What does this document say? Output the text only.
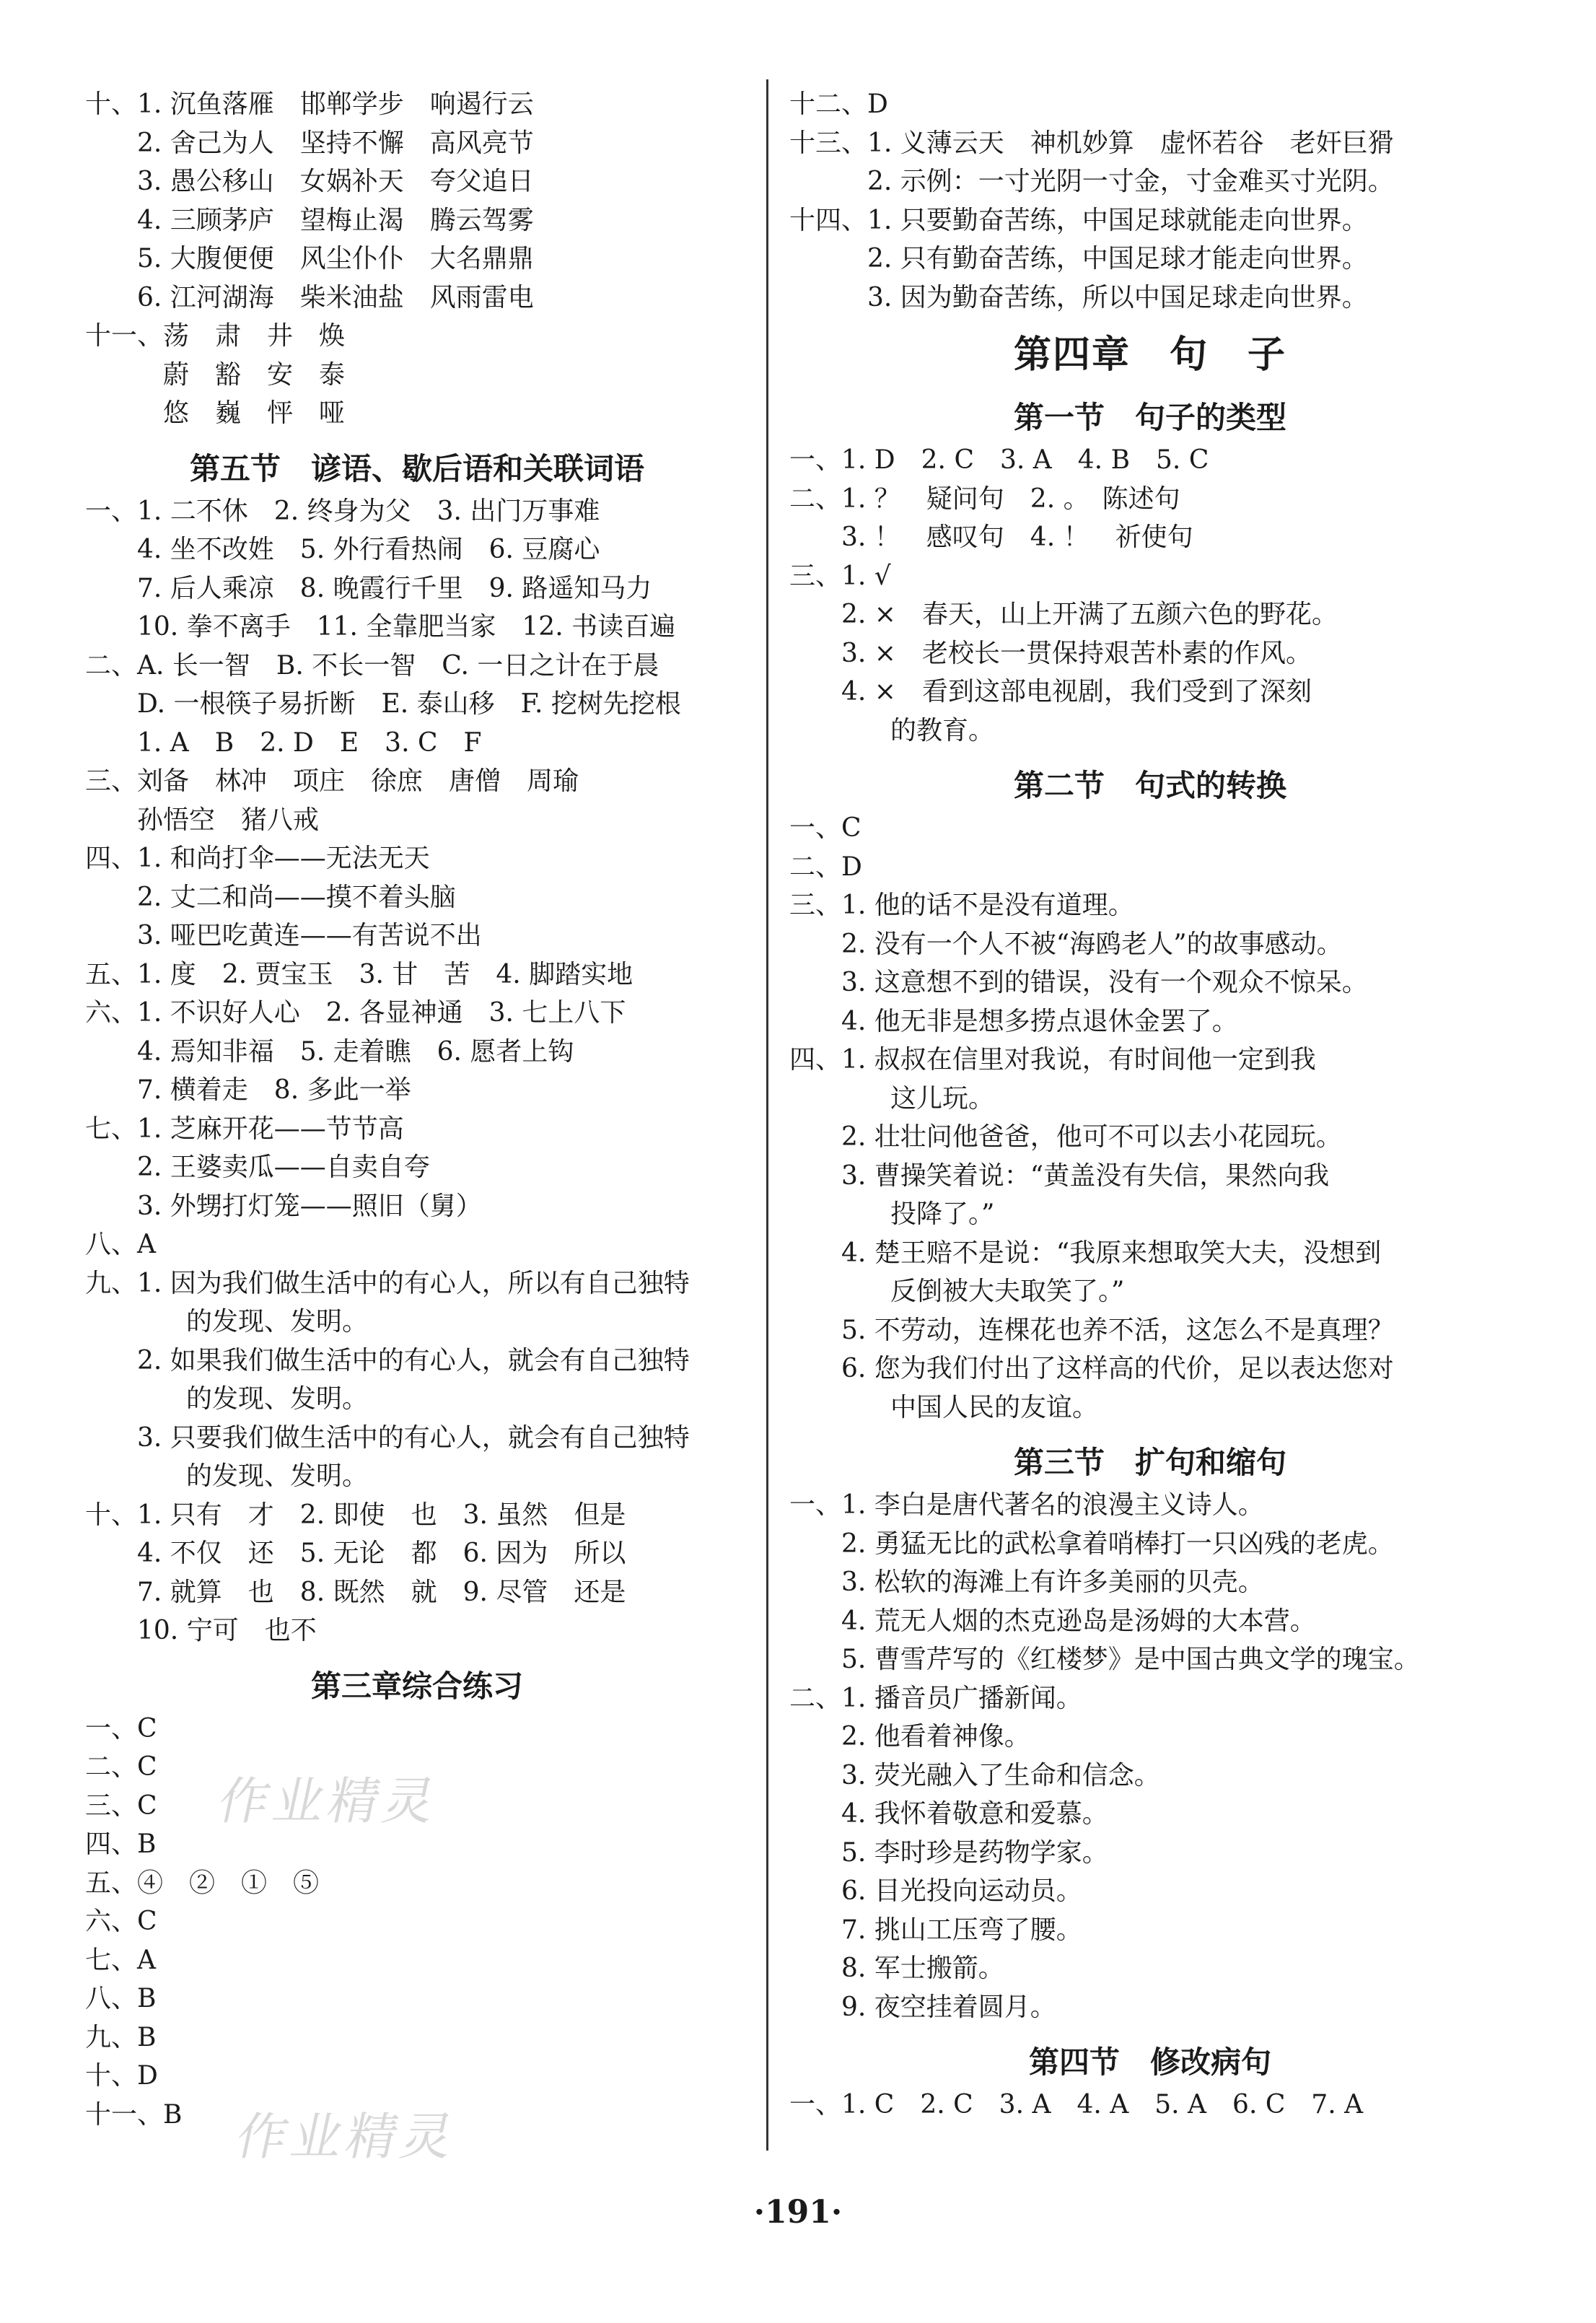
十、1. 沉鱼落雁　邯郸学步　响遏行云
　　2. 舍己为人　坚持不懈　高风亮节
　　3. 愚公移山　女娲补天　夸父追日
　　4. 三顾茅庐　望梅止渴　腾云驾雾
　　5. 大腹便便　风尘仆仆　大名鼎鼎
　　6. 江河湖海　柴米油盐　风雨雷电
十一、荡　肃　井　焕
　　　蔚　豁　安　泰
　　　悠　巍　怦　哑
第五节　谚语、歇后语和关联词语
一、1. 二不休　2. 终身为父　3. 出门万事难
　　4. 坐不改姓　5. 外行看热闹　6. 豆腐心
　　7. 后人乘凉　8. 晚霞行千里　9. 路遥知马力
　　10. 拳不离手　11. 全靠肥当家　12. 书读百遍
二、A. 长一智　B. 不长一智　C. 一日之计在于晨
　　D. 一根筷子易折断　E. 泰山移　F. 挖树先挖根
　　1. A　B　2. D　E　3. C　F
三、刘备　林冲　项庄　徐庶　唐僧　周瑜
　　孙悟空　猪八戒
四、1. 和尚打伞——无法无天
　　2. 丈二和尚——摸不着头脑
　　3. 哑巴吃黄连——有苦说不出
五、1. 度　2. 贾宝玉　3. 甘　苦　4. 脚踏实地
六、1. 不识好人心　2. 各显神通　3. 七上八下
　　4. 焉知非福　5. 走着瞧　6. 愿者上钩
　　7. 横着走　8. 多此一举
七、1. 芝麻开花——节节高
　　2. 王婆卖瓜——自卖自夸
　　3. 外甥打灯笼——照旧（舅）
八、A
九、1. 因为我们做生活中的有心人，所以有自己独特
的发现、发明。
　　2. 如果我们做生活中的有心人，就会有自己独特
的发现、发明。
　　3. 只要我们做生活中的有心人，就会有自己独特
的发现、发明。
十、1. 只有　才　2. 即使　也　3. 虽然　但是
　　4. 不仅　还　5. 无论　都　6. 因为　所以
　　7. 就算　也　8. 既然　就　9. 尽管　还是
　　10. 宁可　也不
第三章综合练习
一、C
二、C
三、C
四、B
五、④　②　①　⑤
六、C
七、A
八、B
九、B
十、D
十一、B
十二、D
十三、1. 义薄云天　神机妙算　虚怀若谷　老奸巨猾
　　　2. 示例：一寸光阴一寸金，寸金难买寸光阴。
十四、1. 只要勤奋苦练，中国足球就能走向世界。
　　　2. 只有勤奋苦练，中国足球才能走向世界。
　　　3. 因为勤奋苦练，所以中国足球走向世界。
第四章　句　子
第一节　句子的类型
一、1. D　2. C　3. A　4. B　5. C
二、1. ？　疑问句　2. 。　陈述句
　　3. ！　感叹句　4. ！　祈使句
三、1. √
　　2. ×　春天，山上开满了五颜六色的野花。
　　3. ×　老校长一贯保持艰苦朴素的作风。
　　4. ×　看到这部电视剧，我们受到了深刻
的教育。
第二节　句式的转换
一、C
二、D
三、1. 他的话不是没有道理。
　　2. 没有一个人不被“海鸥老人”的故事感动。
　　3. 这意想不到的错误，没有一个观众不惊呆。
　　4. 他无非是想多捞点退休金罢了。
四、1. 叔叔在信里对我说，有时间他一定到我
这儿玩。
　　2. 壮壮问他爸爸，他可不可以去小花园玩。
　　3. 曹操笑着说：“黄盖没有失信，果然向我
投降了。”
　　4. 楚王赔不是说：“我原来想取笑大夫，没想到
反倒被大夫取笑了。”
　　5. 不劳动，连棵花也养不活，这怎么不是真理？
　　6. 您为我们付出了这样高的代价，足以表达您对
中国人民的友谊。
第三节　扩句和缩句
一、1. 李白是唐代著名的浪漫主义诗人。
　　2. 勇猛无比的武松拿着哨棒打一只凶残的老虎。
　　3. 松软的海滩上有许多美丽的贝壳。
　　4. 荒无人烟的杰克逊岛是汤姆的大本营。
　　5. 曹雪芹写的《红楼梦》是中国古典文学的瑰宝。
二、1. 播音员广播新闻。
　　2. 他看着神像。
　　3. 荧光融入了生命和信念。
　　4. 我怀着敬意和爱慕。
　　5. 李时珍是药物学家。
　　6. 目光投向运动员。
　　7. 挑山工压弯了腰。
　　8. 军士搬箭。
　　9. 夜空挂着圆月。
第四节　修改病句
一、1. C　2. C　3. A　4. A　5. A　6. C　7. A
作业精灵
作业精灵
·191·
